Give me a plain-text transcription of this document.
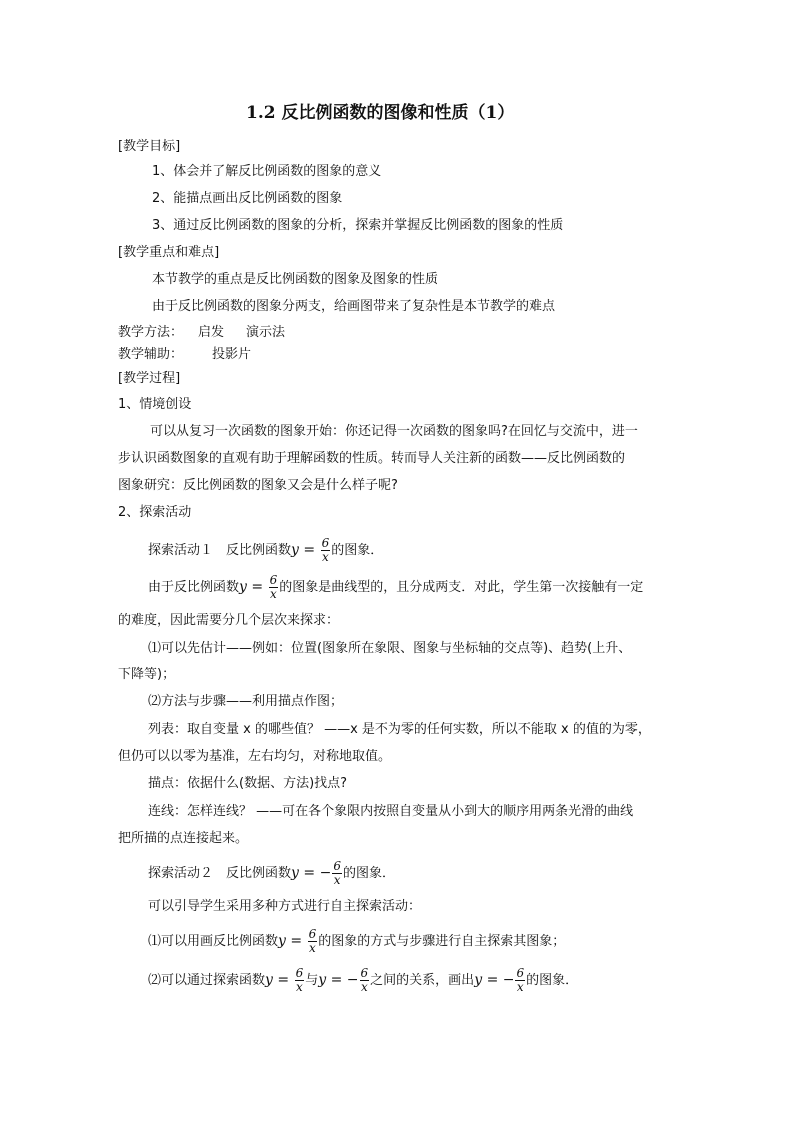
1.2 反比例函数的图像和性质（1）
[教学目标]
1、体会并了解反比例函数的图象的意义
2、能描点画出反比例函数的图象
3、通过反比例函数的图象的分析，探索并掌握反比例函数的图象的性质
[教学重点和难点]
本节教学的重点是反比例函数的图象及图象的性质
由于反比例函数的图象分两支，给画图带来了复杂性是本节教学的难点
教学方法： 启发 演示法
教学辅助： 投影片
[教学过程]
1、情境创设
可以从复习一次函数的图象开始：你还记得一次函数的图象吗?在回忆与交流中，进一
步认识函数图象的直观有助于理解函数的性质。转而导人关注新的函数——反比例函数的
图象研究：反比例函数的图象又会是什么样子呢?
2、探索活动
探索活动１　反比例函数$y = \frac{6}{x}$ 的图象．
由于反比例函数$y = \frac{6}{x}$ 的图象是曲线型的，且分成两支．对此，学生第一次接触有一定
的难度，因此需要分几个层次来探求：
⑴可以先估计——例如：位置(图象所在象限、图象与坐标轴的交点等)、趋势(上升、
下降等)；
⑵方法与步骤——利用描点作图；
列表：取自变量 x 的哪些值？ ——x 是不为零的任何实数，所以不能取 x 的值的为零，
但仍可以以零为基准，左右均匀，对称地取值。
描点：依据什么(数据、方法)找点?
连线：怎样连线？ ——可在各个象限内按照自变量从小到大的顺序用两条光滑的曲线
把所描的点连接起来。
探索活动２　反比例函数y = − $\frac{6}{x}$ 的图象．
可以引导学生采用多种方式进行自主探索活动：
⑴可以用画反比例函数$y = \frac{6}{x}$ 的图象的方式与步骤进行自主探索其图象；
⑵可以通过探索函数$y = \frac{6}{x}$ 与y = − $\frac{6}{x}$ 之间的关系，画出y = − $\frac{6}{x}$ 的图象．
